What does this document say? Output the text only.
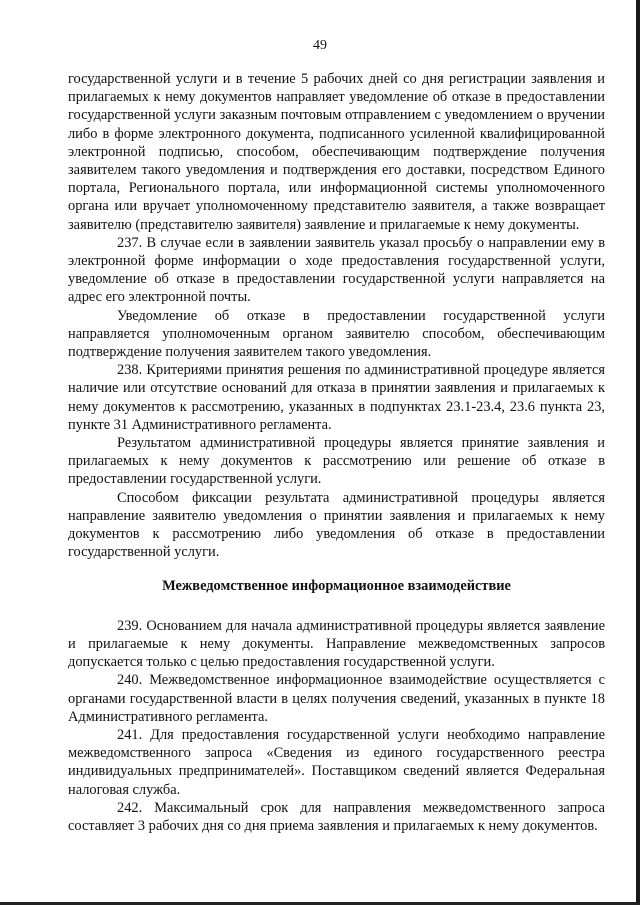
49

государственной услуги и в течение 5 рабочих дней со дня регистрации заявления и прилагаемых к нему документов направляет уведомление об отказе в предоставлении государственной услуги заказным почтовым отправлением с уведомлением о вручении либо в форме электронного документа, подписанного усиленной квалифицированной электронной подписью, способом, обеспечивающим подтверждение получения заявителем такого уведомления и подтверждения его доставки, посредством Единого портала, Регионального портала, или информационной системы уполномоченного органа или вручает уполномоченному представителю заявителя, а также возвращает заявителю (представителю заявителя) заявление и прилагаемые к нему документы.

237. В случае если в заявлении заявитель указал просьбу о направлении ему в электронной форме информации о ходе предоставления государственной услуги, уведомление об отказе в предоставлении государственной услуги направляется на адрес его электронной почты.

Уведомление об отказе в предоставлении государственной услуги направляется уполномоченным органом заявителю способом, обеспечивающим подтверждение получения заявителем такого уведомления.

238. Критериями принятия решения по административной процедуре является наличие или отсутствие оснований для отказа в принятии заявления и прилагаемых к нему документов к рассмотрению, указанных в подпунктах 23.1-23.4, 23.6 пункта 23, пункте 31 Административного регламента.

Результатом административной процедуры является принятие заявления и прилагаемых к нему документов к рассмотрению или решение об отказе в предоставлении государственной услуги.

Способом фиксации результата административной процедуры является направление заявителю уведомления о принятии заявления и прилагаемых к нему документов к рассмотрению либо уведомления об отказе в предоставлении государственной услуги.

Межведомственное информационное взаимодействие

239. Основанием для начала административной процедуры является заявление и прилагаемые к нему документы. Направление межведомственных запросов допускается только с целью предоставления государственной услуги.

240. Межведомственное информационное взаимодействие осуществляется с органами государственной власти в целях получения сведений, указанных в пункте 18 Административного регламента.

241. Для предоставления государственной услуги необходимо направление межведомственного запроса «Сведения из единого государственного реестра индивидуальных предпринимателей». Поставщиком сведений является Федеральная налоговая служба.

242. Максимальный срок для направления межведомственного запроса составляет 3 рабочих дня со дня приема заявления и прилагаемых к нему документов.
